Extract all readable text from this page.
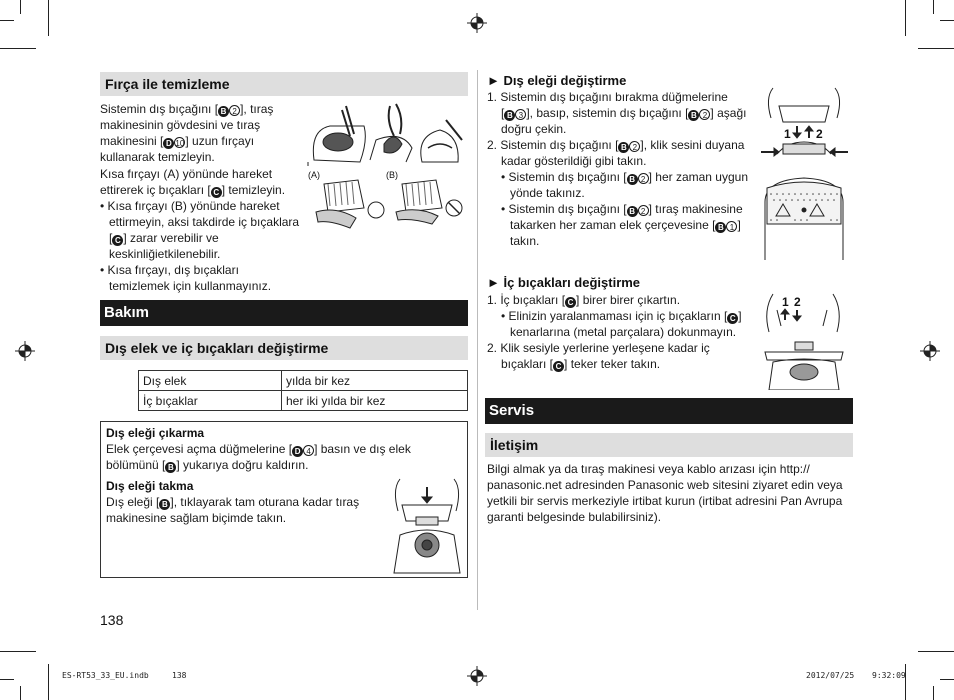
Fırça ile temizleme

Sistemin dış bıçağını [ B 2 ], tıraş

makinesinin gövdesini ve tıraş

makinesini [ D 10] uzun fırçayı

kullanarak temizleyin.

Kısa fırçayı (A) yönünde hareket

ettirerek iç bıçakları [ C ] temizleyin.

• Kısa fırçayı (B) yönünde hareket

ettirmeyin, aksi takdirde iç bıçaklara

[ C ] zarar verebilir ve

keskinliğietkilenebilir.

• Kısa fırçayı, dış bıçakları

temizlemek için kullanmayınız.

(A)	(B)
Bakım
Dış elek ve iç bıçakları değiştirme
Dış elek	yılda bir kez
İç bıçaklar	her iki yılda bir kez
Dış eleği çıkarma

Elek çerçevesi açma düğmelerine [ D 4 ] basın ve dış elek

bölümünü [ B ] yukarıya doğru kaldırın.

Dış eleği takma

Dış eleği [ B ], tıklayarak tam oturana kadar tıraş

makinesine sağlam biçimde takın.

138
► Dış eleği değiştirme

1. Sistemin dış bıçağını bırakma düğmelerine

[ B 3 ], basıp, sistemin dış bıçağını [ B 2 ] aşağı

doğru çekin.

2. Sistemin dış bıçağını [ B 2 ], klik sesini duyana

kadar gösterildiği gibi takın.

• Sistemin dış bıçağını [ B 2 ] her zaman uygun

yönde takınız.

• Sistemin dış bıçağını [ B 2 ] tıraş makinesine

takarken her zaman elek çerçevesine [ B 1 ]

takın.

1 2
► İç bıçakları değiştirme

1. İç bıçakları [ C ] birer birer çıkartın.

• Elinizin yaralanmaması için iç bıçakların [ C ]

kenarlarına (metal parçalara) dokunmayın.

2. Klik sesiyle yerlerine yerleşene kadar iç

bıçakları [ C ] teker teker takın.

1 2
Servis
İletişim

Bilgi almak ya da tıraş makinesi veya kablo arızası için http://

panasonic.net adresinden Panasonic web sitesini ziyaret edin veya

yetkili bir servis merkeziyle irtibat kurun (irtibat adresini Pan Avrupa

garanti belgesinde bulabilirsiniz).

ES-RT53_33_EU.indb	138	2012/07/25 9:32:09
